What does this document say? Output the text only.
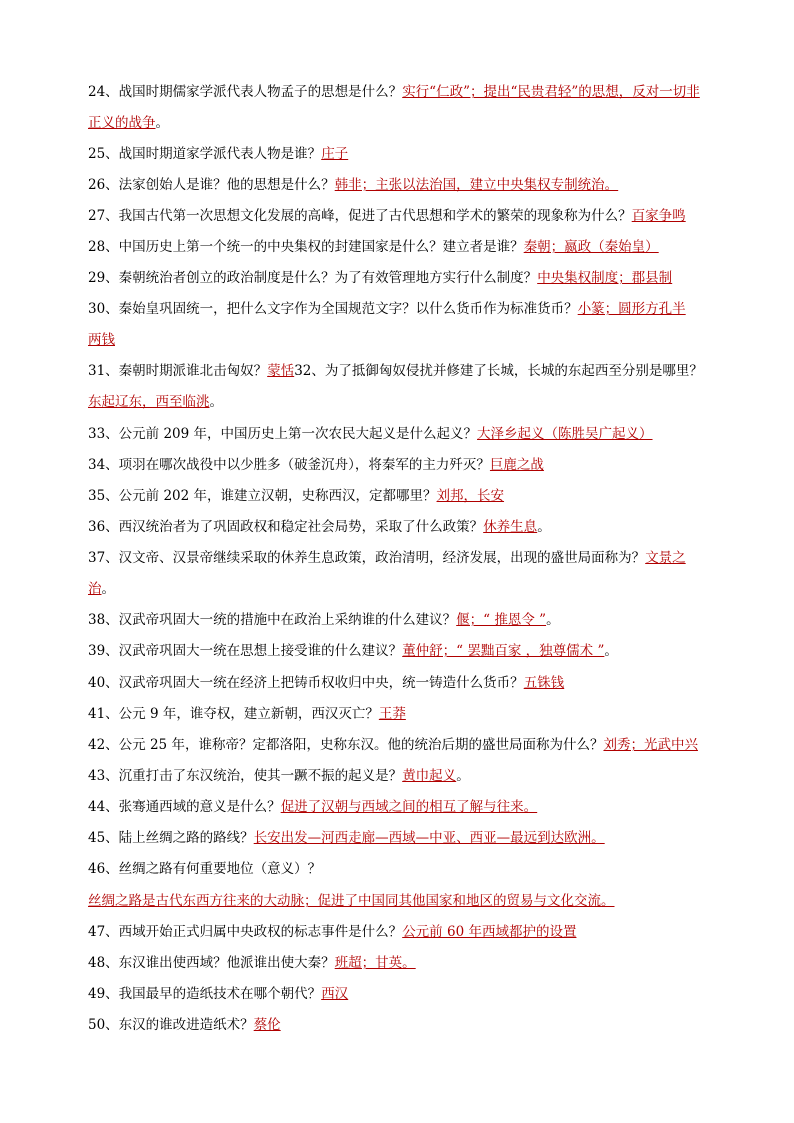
24、战国时期儒家学派代表人物孟子的思想是什么？实行“仁政”；提出“民贵君轻”的思想，反对一切非
正义的战争。
25、战国时期道家学派代表人物是谁？庄子
26、法家创始人是谁？他的思想是什么？韩非；主张以法治国，建立中央集权专制统治。
27、我国古代第一次思想文化发展的高峰，促进了古代思想和学术的繁荣的现象称为什么？百家争鸣
28、中国历史上第一个统一的中央集权的封建国家是什么？建立者是谁？秦朝；嬴政（秦始皇）
29、秦朝统治者创立的政治制度是什么？为了有效管理地方实行什么制度？中央集权制度；郡县制
30、秦始皇巩固统一，把什么文字作为全国规范文字？以什么货币作为标准货币？小篆；圆形方孔半
两钱
31、秦朝时期派谁北击匈奴？蒙恬32、为了抵御匈奴侵扰并修建了长城，长城的东起西至分别是哪里？
东起辽东，西至临洮。
33、公元前 209 年，中国历史上第一次农民大起义是什么起义？大泽乡起义（陈胜吴广起义）
34、项羽在哪次战役中以少胜多（破釜沉舟），将秦军的主力歼灭？巨鹿之战
35、公元前 202 年，谁建立汉朝，史称西汉，定都哪里？刘邦，长安
36、西汉统治者为了巩固政权和稳定社会局势，采取了什么政策？休养生息。
37、汉文帝、汉景帝继续采取的休养生息政策，政治清明，经济发展，出现的盛世局面称为？文景之
治。
38、汉武帝巩固大一统的措施中在政治上采纳谁的什么建议？偃；“ 推恩令 ”。
39、汉武帝巩固大一统在思想上接受谁的什么建议？董仲舒；“ 罢黜百家 ，独尊儒术 ”。
40、汉武帝巩固大一统在经济上把铸币权收归中央，统一铸造什么货币？五铢钱
41、公元 9 年，谁夺权，建立新朝，西汉灭亡？王莽
42、公元 25 年，谁称帝？定都洛阳，史称东汉。他的统治后期的盛世局面称为什么？刘秀；光武中兴
43、沉重打击了东汉统治，使其一蹶不振的起义是？黄巾起义。
44、张骞通西域的意义是什么？促进了汉朝与西域之间的相互了解与往来。
45、陆上丝绸之路的路线？长安出发—河西走廊—西域—中亚、西亚—最远到达欧洲。
46、丝绸之路有何重要地位（意义）？
丝绸之路是古代东西方往来的大动脉；促进了中国同其他国家和地区的贸易与文化交流。
47、西域开始正式归属中央政权的标志事件是什么？公元前 60 年西域都护的设置
48、东汉谁出使西域？他派谁出使大秦？班超；甘英。
49、我国最早的造纸技术在哪个朝代？西汉
50、东汉的谁改进造纸术？蔡伦
